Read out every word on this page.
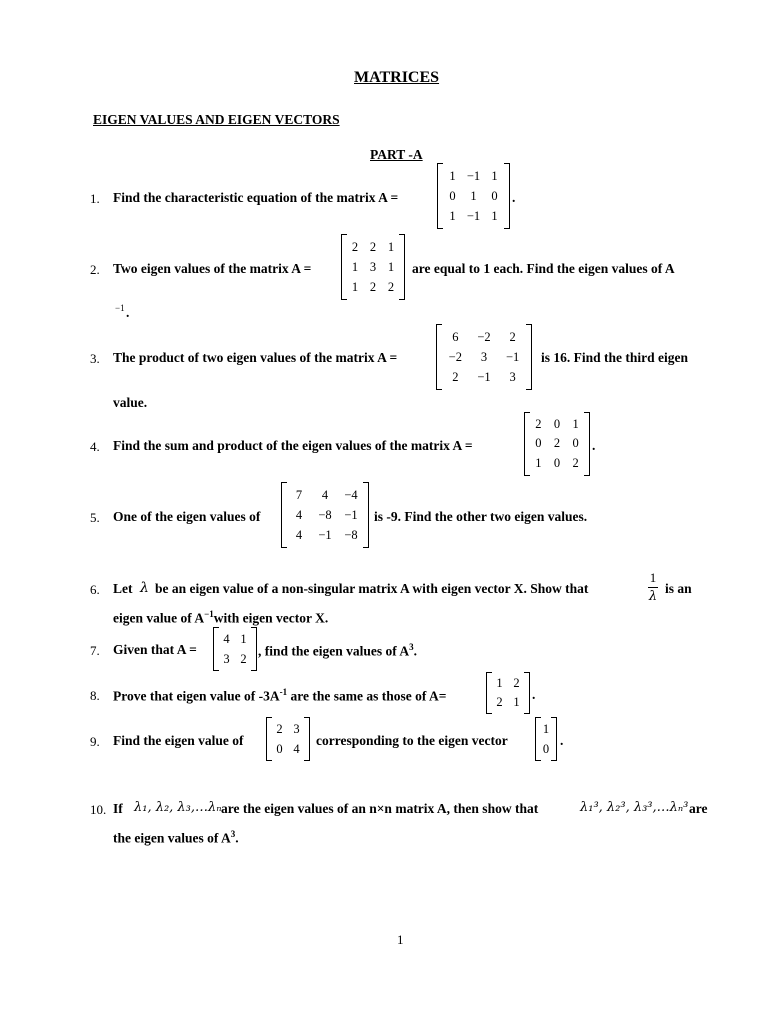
MATRICES
EIGEN VALUES AND EIGEN VECTORS
PART -A
1. Find the characteristic equation of the matrix A =
1 −1 1
0	1	0
1 −1 1
.
2. Two eigen values of the matrix A =
2 2 1
1 3 1
1 2 2
are equal to 1 each. Find the eigen values of A
−1 .
3. The product of two eigen values of the matrix A =
6	−2	2
−2	3	−1
2	−1	3
is 16. Find the third eigen
value.
4. Find the sum and product of the eigen values of the matrix A =
2 0 1
0 2 0
1 0 2
.
5. One of the eigen values of
7	4	−4
4	−8	−1
4	−1	−8
is -9. Find the other two eigen values.
6. Let λ be an eigen value of a non-singular matrix A with eigen vector X. Show that
1
λ
is an
eigen value of $A^{-1}with$ eigen vector X.
7. Given that A =
4 1
3 2 , find the eigen values of $A^3$.
8. Prove that eigen value of $-3A^{-1}$ are the same as those of A=
1 2
2 1 .
9. Find the eigen value of
2 3
0 4
corresponding to the eigen vector
1
0
.
10. If λ₁, λ₂, λ₃,…λₙ are the eigen values of an n×n matrix A, then show that	λ₁³, λ₂³, λ₃³,…λₙ³ are
the eigen values of $A^3$.
1
